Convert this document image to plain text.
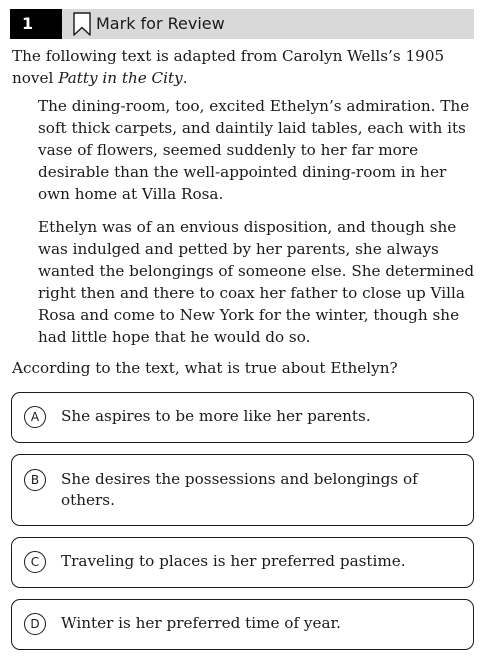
1	Mark for Review

The following text is adapted from Carolyn Wells’s 1905 novel Patty in the City.

The dining-room, too, excited Ethelyn’s admiration. The soft thick carpets, and daintily laid tables, each with its vase of flowers, seemed suddenly to her far more desirable than the well-appointed dining-room in her own home at Villa Rosa.

Ethelyn was of an envious disposition, and though she was indulged and petted by her parents, she always wanted the belongings of someone else. She determined right then and there to coax her father to close up Villa Rosa and come to New York for the winter, though she had little hope that he would do so.

According to the text, what is true about Ethelyn?

A	She aspires to be more like her parents.
B	She desires the possessions and belongings of others.
C	Traveling to places is her preferred pastime.
D	Winter is her preferred time of year.
